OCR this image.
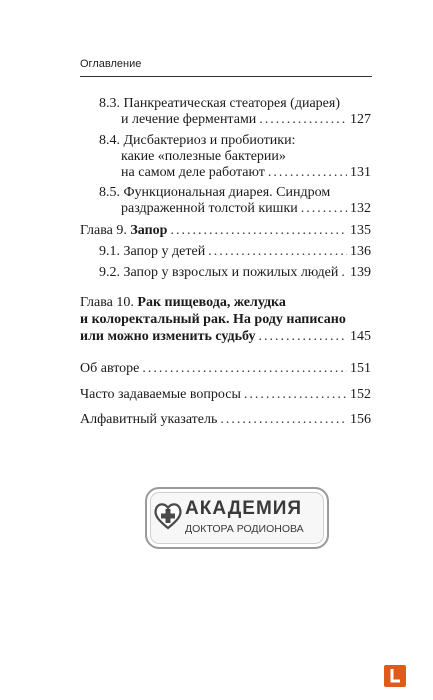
Оглавление
8.3.
Панкреатическая стеаторея (диарея)
и лечение ферментами .....	127
8.4.
Дисбактериоз и пробиотики:
какие «полезные бактерии»
на самом деле работают .....	131
8.5.
Функциональная диарея. Синдром
раздраженной толстой кишки .....	132
Глава 9.
Запор .....	135
9.1.
Запор у детей .....	136
9.2.
Запор у взрослых и пожилых людей ..... 139
Глава 10.
Рак пищевода, желудка
и колоректальный рак. На роду написано
или можно изменить судьбу .....	145
Об авторе .....	151
Часто задаваемые вопросы .....	152
Алфавитный указатель .....	156
АКАДЕМИЯ
ДОКТОРА РОДИОНОВА
